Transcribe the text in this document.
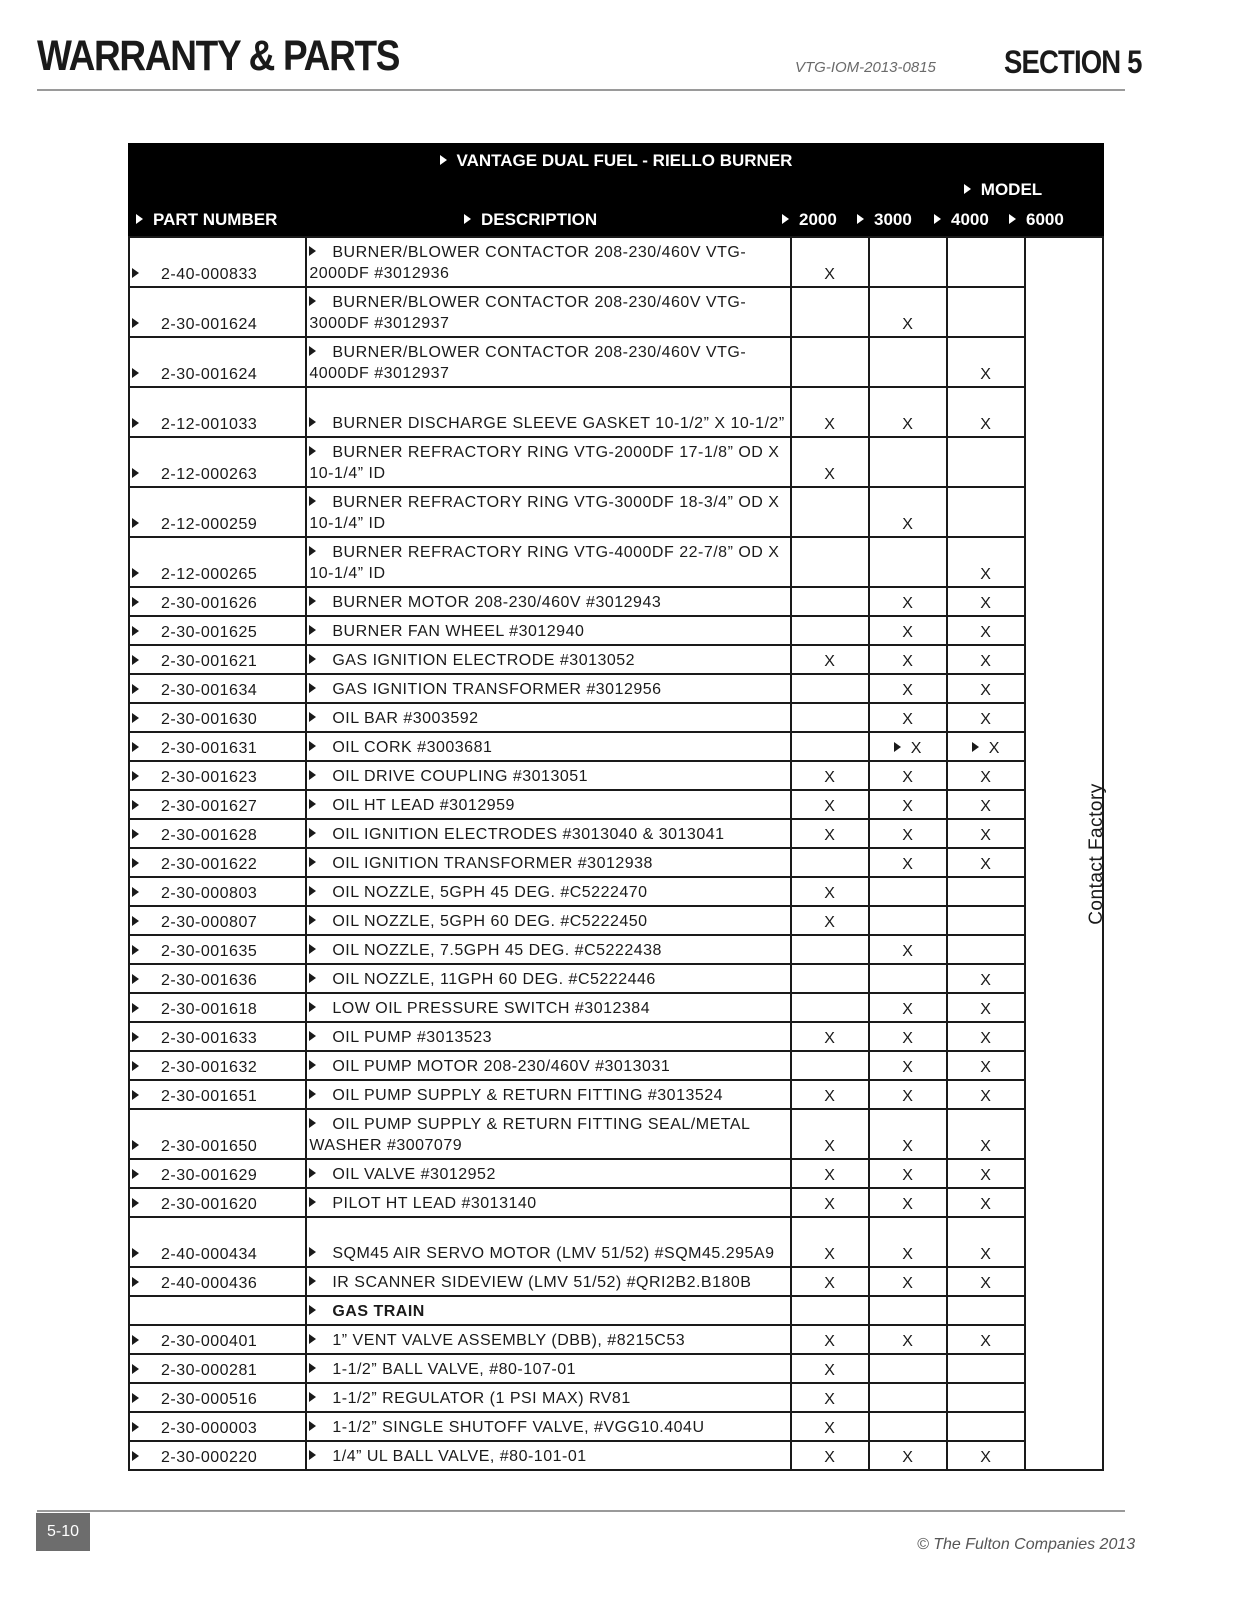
WARRANTY & PARTS	VTG-IOM-2013-0815 SECTION 5
VANTAGE DUAL FUEL - RIELLO BURNER
MODEL
PART NUMBER	DESCRIPTION	2000	3000	4000	6000
2-40-000833	BURNER/BLOWER CONTACTOR 208-230/460V VTG-2000DF #3012936	X			Contact Factory
2-30-001624	BURNER/BLOWER CONTACTOR 208-230/460V VTG-3000DF #3012937		X		
2-30-001624	BURNER/BLOWER CONTACTOR 208-230/460V VTG-4000DF #3012937			X	
2-12-001033	BURNER DISCHARGE SLEEVE GASKET 10-1/2” X 10-1/2”	X	X	X	
2-12-000263	BURNER REFRACTORY RING VTG-2000DF 17-1/8” OD X 10-1/4” ID	X			
2-12-000259	BURNER REFRACTORY RING VTG-3000DF 18-3/4” OD X 10-1/4” ID		X		
2-12-000265	BURNER REFRACTORY RING VTG-4000DF 22-7/8” OD X 10-1/4” ID			X	
2-30-001626	BURNER MOTOR 208-230/460V #3012943		X	X	
2-30-001625	BURNER FAN WHEEL #3012940		X	X	
2-30-001621	GAS IGNITION ELECTRODE #3013052	X	X	X	
2-30-001634	GAS IGNITION TRANSFORMER #3012956		X	X	
2-30-001630	OIL BAR #3003592		X	X	
2-30-001631	OIL CORK #3003681		X	X	
2-30-001623	OIL DRIVE COUPLING #3013051	X	X	X	
2-30-001627	OIL HT LEAD #3012959	X	X	X	
2-30-001628	OIL IGNITION ELECTRODES #3013040 & 3013041	X	X	X	
2-30-001622	OIL IGNITION TRANSFORMER #3012938		X	X	
2-30-000803	OIL NOZZLE, 5GPH 45 DEG. #C5222470	X			
2-30-000807	OIL NOZZLE, 5GPH 60 DEG. #C5222450	X			
2-30-001635	OIL NOZZLE, 7.5GPH 45 DEG. #C5222438		X		
2-30-001636	OIL NOZZLE, 11GPH 60 DEG. #C5222446			X	
2-30-001618	LOW OIL PRESSURE SWITCH #3012384		X	X	
2-30-001633	OIL PUMP #3013523	X	X	X	
2-30-001632	OIL PUMP MOTOR 208-230/460V #3013031		X	X	
2-30-001651	OIL PUMP SUPPLY & RETURN FITTING #3013524	X	X	X	
2-30-001650	OIL PUMP SUPPLY & RETURN FITTING SEAL/METAL WASHER #3007079	X	X	X	
2-30-001629	OIL VALVE #3012952	X	X	X	
2-30-001620	PILOT HT LEAD #3013140	X	X	X	
2-40-000434	SQM45 AIR SERVO MOTOR (LMV 51/52) #SQM45.295A9	X	X	X	
2-40-000436	IR SCANNER SIDEVIEW (LMV 51/52) #QRI2B2.B180B	X	X	X	
	GAS TRAIN				
2-30-000401	1” VENT VALVE ASSEMBLY (DBB), #8215C53	X	X	X	
2-30-000281	1-1/2” BALL VALVE, #80-107-01	X			
2-30-000516	1-1/2” REGULATOR (1 PSI MAX) RV81	X			
2-30-000003	1-1/2” SINGLE SHUTOFF VALVE, #VGG10.404U	X			
2-30-000220	1/4” UL BALL VALVE, #80-101-01	X	X	X	
5-10
© The Fulton Companies 2013
